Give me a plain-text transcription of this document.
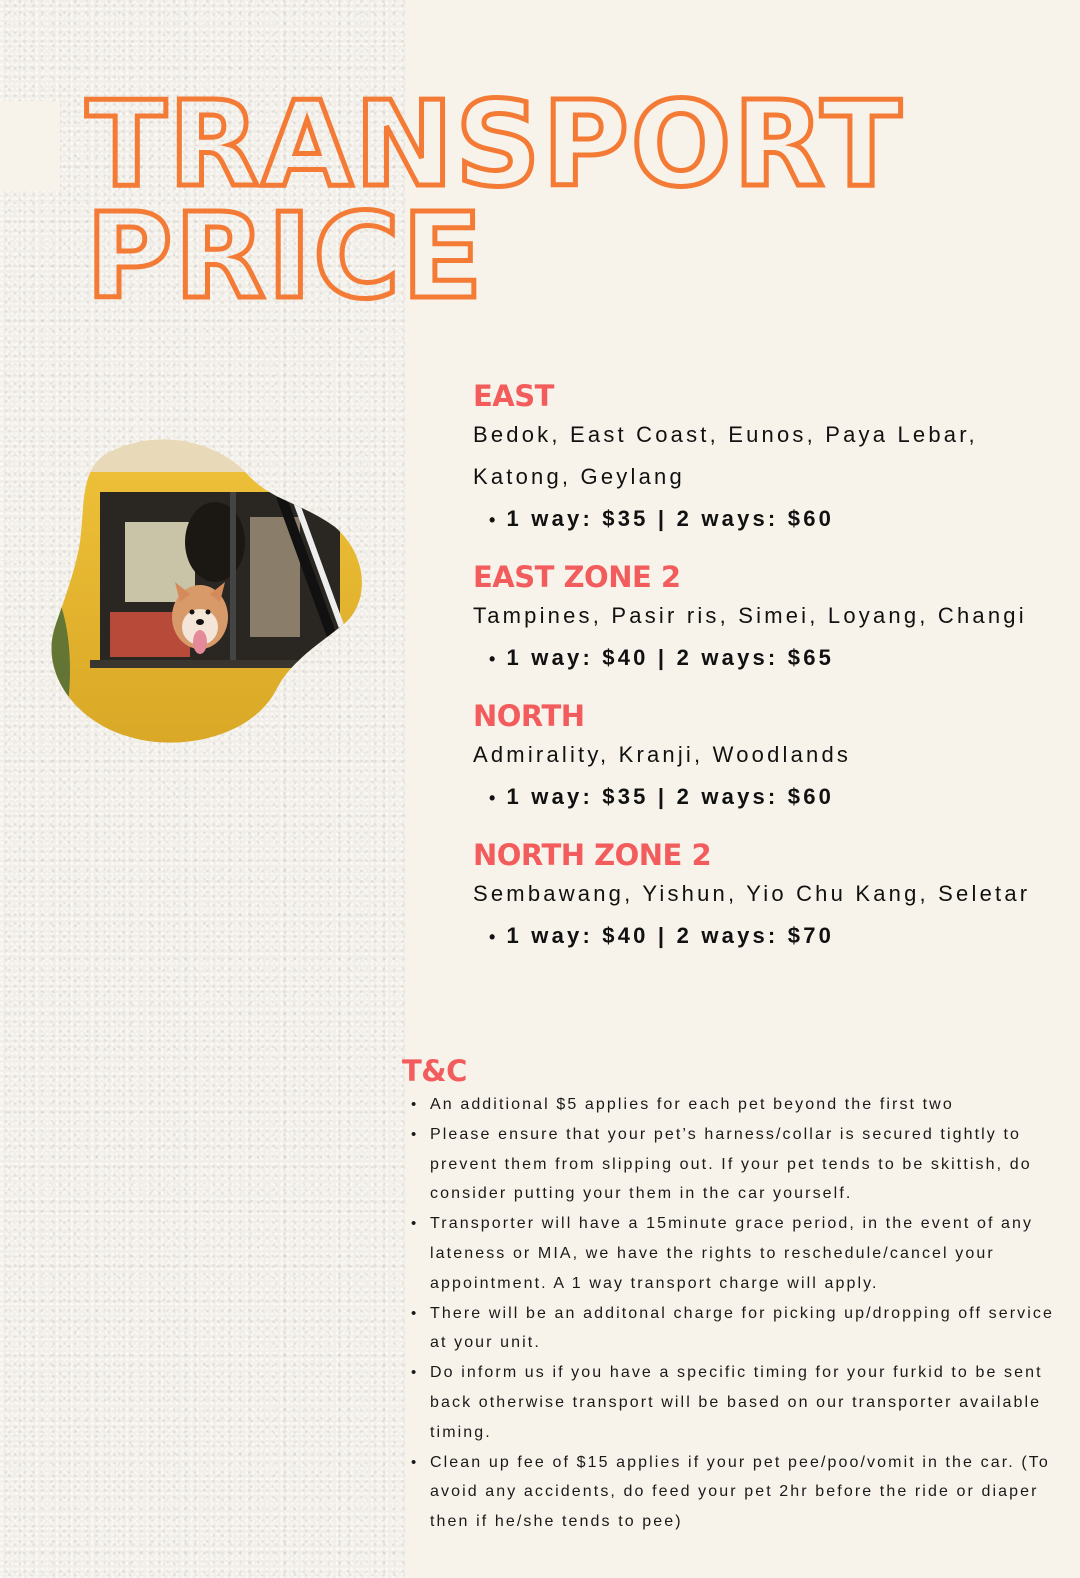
TRANSPORT
PRICE
EAST
Bedok, East Coast, Eunos, Paya Lebar, Katong, Geylang
• 1 way: $35 | 2 ways: $60
EAST ZONE 2
Tampines, Pasir ris, Simei, Loyang, Changi
• 1 way: $40 | 2 ways: $65
NORTH
Admirality, Kranji, Woodlands
• 1 way: $35 | 2 ways: $60
NORTH ZONE 2
Sembawang, Yishun, Yio Chu Kang, Seletar
• 1 way: $40 | 2 ways: $70
T&C
• An additional $5 applies for each pet beyond the first two
• Please ensure that your pet’s harness/collar is secured tightly to prevent them from slipping out. If your pet tends to be skittish, do consider putting your them in the car yourself.
• Transporter will have a 15minute grace period, in the event of any lateness or MIA, we have the rights to reschedule/cancel your appointment. A 1 way transport charge will apply.
• There will be an additonal charge for picking up/dropping off service at your unit.
• Do inform us if you have a specific timing for your furkid to be sent back otherwise transport will be based on our transporter available timing.
• Clean up fee of $15 applies if your pet pee/poo/vomit in the car. (To avoid any accidents, do feed your pet 2hr before the ride or diaper then if he/she tends to pee)
